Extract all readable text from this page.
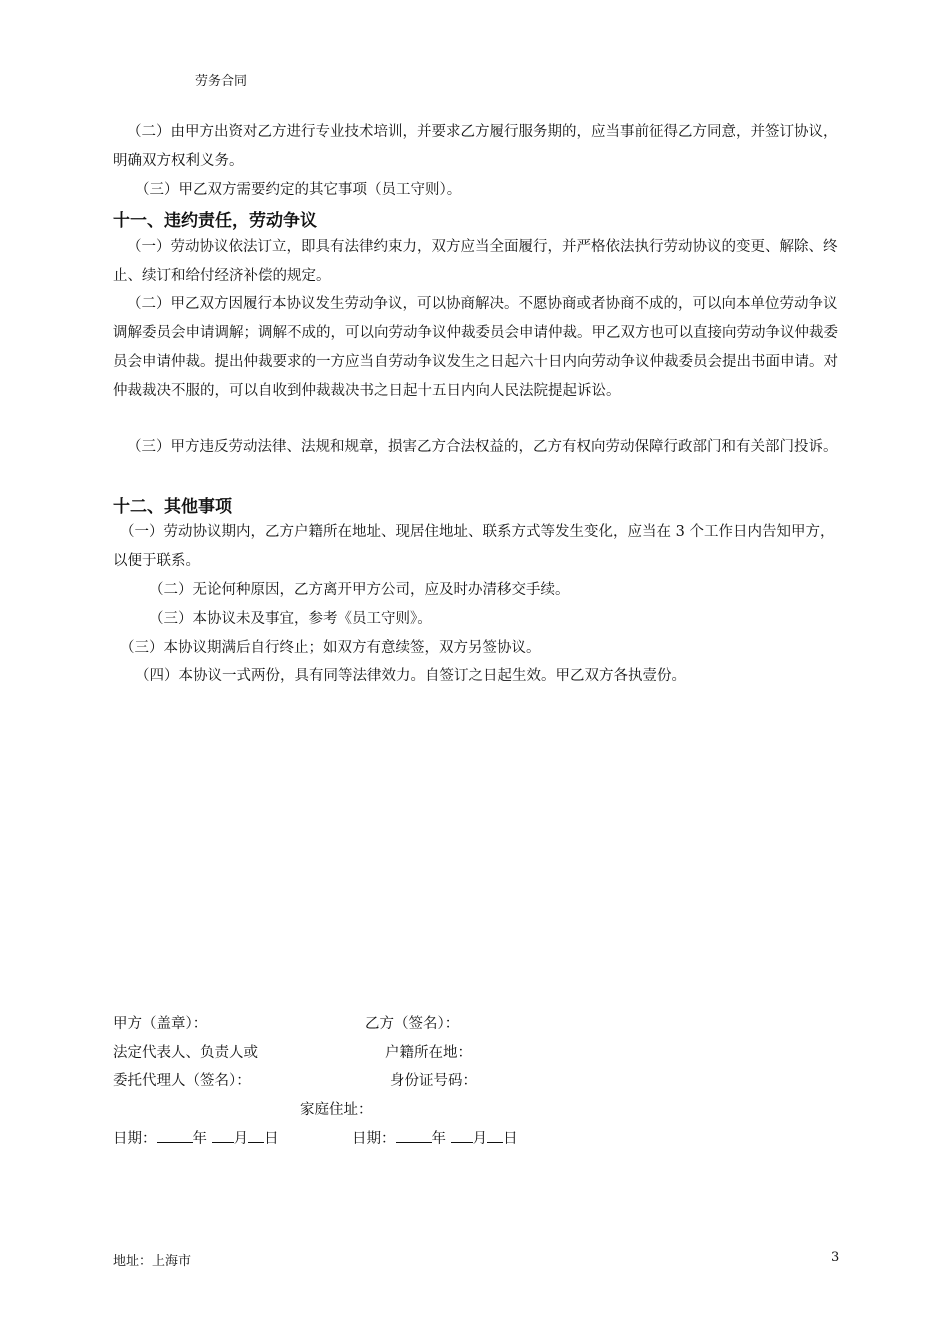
劳务合同
（二）由甲方出资对乙方进行专业技术培训，并要求乙方履行服务期的，应当事前征得乙方同意，并签订协议，明确双方权利义务。
（三）甲乙双方需要约定的其它事项（员工守则）。
十一、违约责任，劳动争议
（一）劳动协议依法订立，即具有法律约束力，双方应当全面履行，并严格依法执行劳动协议的变更、解除、终止、续订和给付经济补偿的规定。
（二）甲乙双方因履行本协议发生劳动争议，可以协商解决。不愿协商或者协商不成的，可以向本单位劳动争议调解委员会申请调解；调解不成的，可以向劳动争议仲裁委员会申请仲裁。甲乙双方也可以直接向劳动争议仲裁委员会申请仲裁。提出仲裁要求的一方应当自劳动争议发生之日起六十日内向劳动争议仲裁委员会提出书面申请。对仲裁裁决不服的，可以自收到仲裁裁决书之日起十五日内向人民法院提起诉讼。
（三）甲方违反劳动法律、法规和规章，损害乙方合法权益的，乙方有权向劳动保障行政部门和有关部门投诉。
十二、其他事项
（一）劳动协议期内，乙方户籍所在地址、现居住地址、联系方式等发生变化，应当在 3 个工作日内告知甲方，以便于联系。
（二）无论何种原因，乙方离开甲方公司，应及时办清移交手续。
（三）本协议未及事宜，参考《员工守则》。
（三）本协议期满后自行终止；如双方有意续签，双方另签协议。
（四）本协议一式两份，具有同等法律效力。自签订之日起生效。甲乙双方各执壹份。
甲方（盖章）：	乙方（签名）：
法定代表人、负责人或	户籍所在地：
委托代理人（签名）：	身份证号码：
家庭住址：
日期： 年 月 日	日期： 年 月 日
地址：上海市	3
